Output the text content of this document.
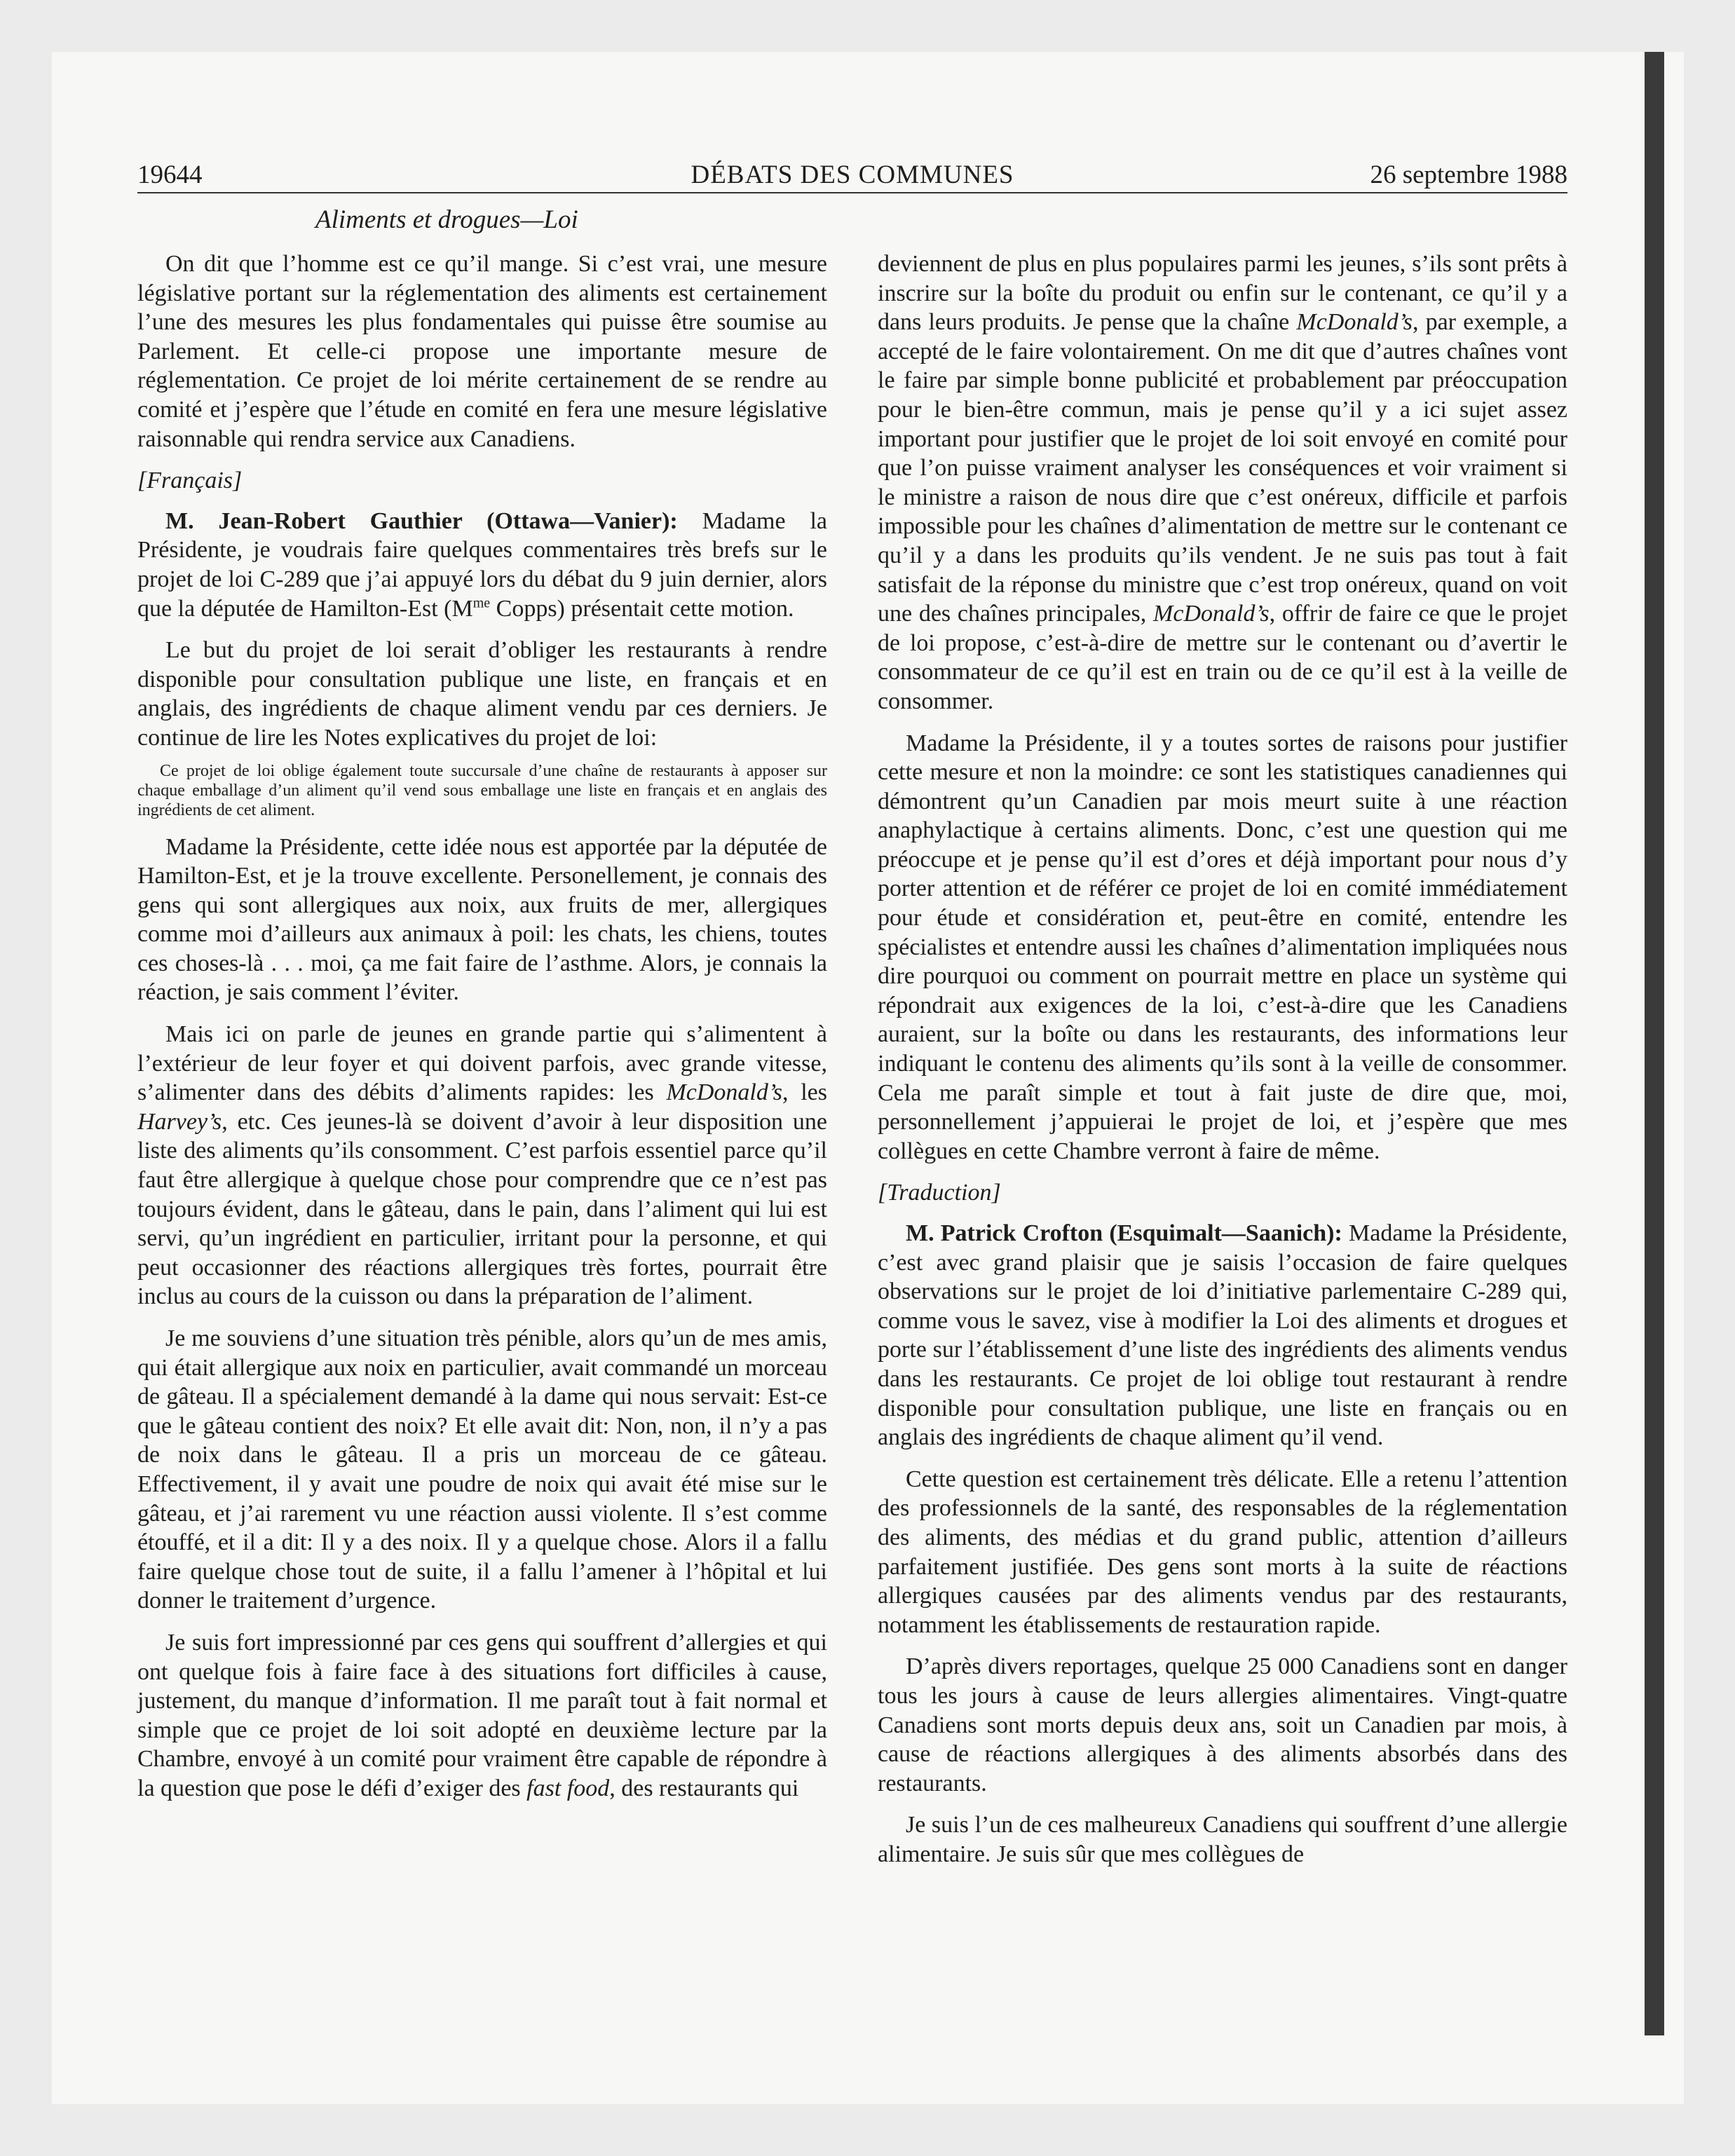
19644	DÉBATS DES COMMUNES	26 septembre 1988
Aliments et drogues—Loi

On dit que l’homme est ce qu’il mange. Si c’est vrai, une mesure législative portant sur la réglementation des aliments est certainement l’une des mesures les plus fondamentales qui puisse être soumise au Parlement. Et celle-ci propose une importante mesure de réglementation. Ce projet de loi mérite certainement de se rendre au comité et j’espère que l’étude en comité en fera une mesure législative raisonnable qui rendra service aux Canadiens.

[Français]

M. Jean-Robert Gauthier (Ottawa—Vanier): Madame la Présidente, je voudrais faire quelques commentaires très brefs sur le projet de loi C-289 que j’ai appuyé lors du débat du 9 juin dernier, alors que la députée de Hamilton-Est ($M^{me}$ Copps) présentait cette motion.

Le but du projet de loi serait d’obliger les restaurants à rendre disponible pour consultation publique une liste, en français et en anglais, des ingrédients de chaque aliment vendu par ces derniers. Je continue de lire les Notes explicatives du projet de loi:

Ce projet de loi oblige également toute succursale d’une chaîne de restaurants à apposer sur chaque emballage d’un aliment qu’il vend sous emballage une liste en français et en anglais des ingrédients de cet aliment.

Madame la Présidente, cette idée nous est apportée par la députée de Hamilton-Est, et je la trouve excellente. Personellement, je connais des gens qui sont allergiques aux noix, aux fruits de mer, allergiques comme moi d’ailleurs aux animaux à poil: les chats, les chiens, toutes ces choses-là . . . moi, ça me fait faire de l’asthme. Alors, je connais la réaction, je sais comment l’éviter.

Mais ici on parle de jeunes en grande partie qui s’alimentent à l’extérieur de leur foyer et qui doivent parfois, avec grande vitesse, s’alimenter dans des débits d’aliments rapides: les McDonald’s, les Harvey’s, etc. Ces jeunes-là se doivent d’avoir à leur disposition une liste des aliments qu’ils consomment. C’est parfois essentiel parce qu’il faut être allergique à quelque chose pour comprendre que ce n’est pas toujours évident, dans le gâteau, dans le pain, dans l’aliment qui lui est servi, qu’un ingrédient en particulier, irritant pour la personne, et qui peut occasionner des réactions allergiques très fortes, pourrait être inclus au cours de la cuisson ou dans la préparation de l’aliment.

Je me souviens d’une situation très pénible, alors qu’un de mes amis, qui était allergique aux noix en particulier, avait commandé un morceau de gâteau. Il a spécialement demandé à la dame qui nous servait: Est-ce que le gâteau contient des noix? Et elle avait dit: Non, non, il n’y a pas de noix dans le gâteau. Il a pris un morceau de ce gâteau. Effectivement, il y avait une poudre de noix qui avait été mise sur le gâteau, et j’ai rarement vu une réaction aussi violente. Il s’est comme étouffé, et il a dit: Il y a des noix. Il y a quelque chose. Alors il a fallu faire quelque chose tout de suite, il a fallu l’amener à l’hôpital et lui donner le traitement d’urgence.

Je suis fort impressionné par ces gens qui souffrent d’allergies et qui ont quelque fois à faire face à des situations fort difficiles à cause, justement, du manque d’information. Il me paraît tout à fait normal et simple que ce projet de loi soit adopté en deuxième lecture par la Chambre, envoyé à un comité pour vraiment être capable de répondre à la question que pose le défi d’exiger des fast food, des restaurants qui

deviennent de plus en plus populaires parmi les jeunes, s’ils sont prêts à inscrire sur la boîte du produit ou enfin sur le contenant, ce qu’il y a dans leurs produits. Je pense que la chaîne McDonald’s, par exemple, a accepté de le faire volontairement. On me dit que d’autres chaînes vont le faire par simple bonne publicité et probablement par préoccupation pour le bien-être commun, mais je pense qu’il y a ici sujet assez important pour justifier que le projet de loi soit envoyé en comité pour que l’on puisse vraiment analyser les conséquences et voir vraiment si le ministre a raison de nous dire que c’est onéreux, difficile et parfois impossible pour les chaînes d’alimentation de mettre sur le contenant ce qu’il y a dans les produits qu’ils vendent. Je ne suis pas tout à fait satisfait de la réponse du ministre que c’est trop onéreux, quand on voit une des chaînes principales, McDonald’s, offrir de faire ce que le projet de loi propose, c’est-à-dire de mettre sur le contenant ou d’avertir le consommateur de ce qu’il est en train ou de ce qu’il est à la veille de consommer.

Madame la Présidente, il y a toutes sortes de raisons pour justifier cette mesure et non la moindre: ce sont les statistiques canadiennes qui démontrent qu’un Canadien par mois meurt suite à une réaction anaphylactique à certains aliments. Donc, c’est une question qui me préoccupe et je pense qu’il est d’ores et déjà important pour nous d’y porter attention et de référer ce projet de loi en comité immédiatement pour étude et considération et, peut-être en comité, entendre les spécialistes et entendre aussi les chaînes d’alimentation impliquées nous dire pourquoi ou comment on pourrait mettre en place un système qui répondrait aux exigences de la loi, c’est-à-dire que les Canadiens auraient, sur la boîte ou dans les restaurants, des informations leur indiquant le contenu des aliments qu’ils sont à la veille de consommer. Cela me paraît simple et tout à fait juste de dire que, moi, personnellement j’appuierai le projet de loi, et j’espère que mes collègues en cette Chambre verront à faire de même.

[Traduction]

M. Patrick Crofton (Esquimalt—Saanich): Madame la Présidente, c’est avec grand plaisir que je saisis l’occasion de faire quelques observations sur le projet de loi d’initiative parlementaire C-289 qui, comme vous le savez, vise à modifier la Loi des aliments et drogues et porte sur l’établissement d’une liste des ingrédients des aliments vendus dans les restaurants. Ce projet de loi oblige tout restaurant à rendre disponible pour consultation publique, une liste en français ou en anglais des ingrédients de chaque aliment qu’il vend.

Cette question est certainement très délicate. Elle a retenu l’attention des professionnels de la santé, des responsables de la réglementation des aliments, des médias et du grand public, attention d’ailleurs parfaitement justifiée. Des gens sont morts à la suite de réactions allergiques causées par des aliments vendus par des restaurants, notamment les établissements de restauration rapide.

D’après divers reportages, quelque 25 000 Canadiens sont en danger tous les jours à cause de leurs allergies alimentaires. Vingt-quatre Canadiens sont morts depuis deux ans, soit un Canadien par mois, à cause de réactions allergiques à des aliments absorbés dans des restaurants.

Je suis l’un de ces malheureux Canadiens qui souffrent d’une allergie alimentaire. Je suis sûr que mes collègues de
